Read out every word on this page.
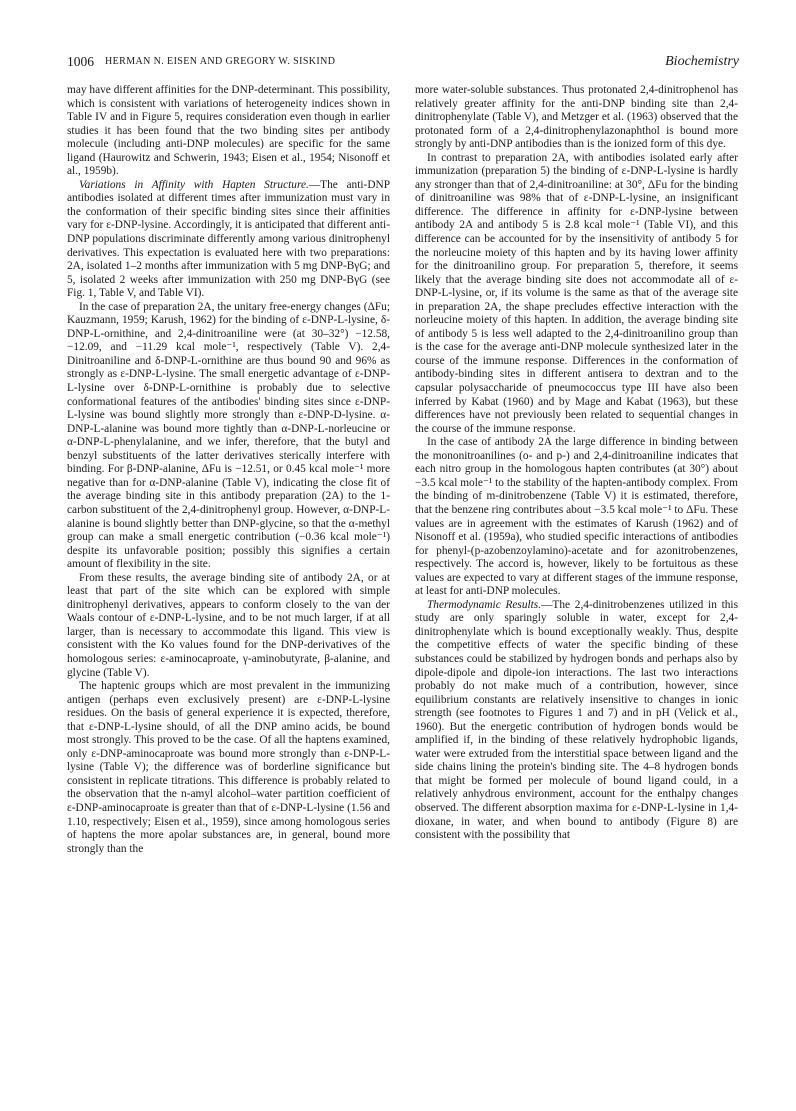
1006 HERMAN N. EISEN AND GREGORY W. SISKIND	Biochemistry

may have different affinities for the DNP-determinant. This possibility, which is consistent with variations of heterogeneity indices shown in Table IV and in Figure 5, requires consideration even though in earlier studies it has been found that the two binding sites per antibody molecule (including anti-DNP molecules) are specific for the same ligand (Haurowitz and Schwerin, 1943; Eisen et al., 1954; Nisonoff et al., 1959b).

Variations in Affinity with Hapten Structure.—The anti-DNP antibodies isolated at different times after immunization must vary in the conformation of their specific binding sites since their affinities vary for ε-DNP-lysine. Accordingly, it is anticipated that different anti-DNP populations discriminate differently among various dinitrophenyl derivatives. This expectation is evaluated here with two preparations: 2A, isolated 1–2 months after immunization with 5 mg DNP-BγG; and 5, isolated 2 weeks after immunization with 250 mg DNP-BγG (see Fig. 1, Table V, and Table VI).

In the case of preparation 2A, the unitary free-energy changes (ΔFu; Kauzmann, 1959; Karush, 1962) for the binding of ε-DNP-L-lysine, δ-DNP-L-ornithine, and 2,4-dinitroaniline were (at 30–32°) −12.58, −12.09, and −11.29 kcal mole⁻¹, respectively (Table V). 2,4-Dinitroaniline and δ-DNP-L-ornithine are thus bound 90 and 96% as strongly as ε-DNP-L-lysine. The small energetic advantage of ε-DNP-L-lysine over δ-DNP-L-ornithine is probably due to selective conformational features of the antibodies' binding sites since ε-DNP-L-lysine was bound slightly more strongly than ε-DNP-D-lysine. α-DNP-L-alanine was bound more tightly than α-DNP-L-norleucine or α-DNP-L-phenylalanine, and we infer, therefore, that the butyl and benzyl substituents of the latter derivatives sterically interfere with binding. For β-DNP-alanine, ΔFu is −12.51, or 0.45 kcal mole⁻¹ more negative than for α-DNP-alanine (Table V), indicating the close fit of the average binding site in this antibody preparation (2A) to the 1-carbon substituent of the 2,4-dinitrophenyl group. However, α-DNP-L-alanine is bound slightly better than DNP-glycine, so that the α-methyl group can make a small energetic contribution (−0.36 kcal mole⁻¹) despite its unfavorable position; possibly this signifies a certain amount of flexibility in the site.

From these results, the average binding site of antibody 2A, or at least that part of the site which can be explored with simple dinitrophenyl derivatives, appears to conform closely to the van der Waals contour of ε-DNP-L-lysine, and to be not much larger, if at all larger, than is necessary to accommodate this ligand. This view is consistent with the Ko values found for the DNP-derivatives of the homologous series: ε-aminocaproate, γ-aminobutyrate, β-alanine, and glycine (Table V).

The haptenic groups which are most prevalent in the immunizing antigen (perhaps even exclusively present) are ε-DNP-L-lysine residues. On the basis of general experience it is expected, therefore, that ε-DNP-L-lysine should, of all the DNP amino acids, be bound most strongly. This proved to be the case. Of all the haptens examined, only ε-DNP-aminocaproate was bound more strongly than ε-DNP-L-lysine (Table V); the difference was of borderline significance but consistent in replicate titrations. This difference is probably related to the observation that the n-amyl alcohol–water partition coefficient of ε-DNP-aminocaproate is greater than that of ε-DNP-L-lysine (1.56 and 1.10, respectively; Eisen et al., 1959), since among homologous series of haptens the more apolar substances are, in general, bound more strongly than the

more water-soluble substances. Thus protonated 2,4-dinitrophenol has relatively greater affinity for the anti-DNP binding site than 2,4-dinitrophenylate (Table V), and Metzger et al. (1963) observed that the protonated form of a 2,4-dinitrophenylazonaphthol is bound more strongly by anti-DNP antibodies than is the ionized form of this dye.

In contrast to preparation 2A, with antibodies isolated early after immunization (preparation 5) the binding of ε-DNP-L-lysine is hardly any stronger than that of 2,4-dinitroaniline: at 30°, ΔFu for the binding of dinitroaniline was 98% that of ε-DNP-L-lysine, an insignificant difference. The difference in affinity for ε-DNP-lysine between antibody 2A and antibody 5 is 2.8 kcal mole⁻¹ (Table VI), and this difference can be accounted for by the insensitivity of antibody 5 for the norleucine moiety of this hapten and by its having lower affinity for the dinitroanilino group. For preparation 5, therefore, it seems likely that the average binding site does not accommodate all of ε-DNP-L-lysine, or, if its volume is the same as that of the average site in preparation 2A, the shape precludes effective interaction with the norleucine moiety of this hapten. In addition, the average binding site of antibody 5 is less well adapted to the 2,4-dinitroanilino group than is the case for the average anti-DNP molecule synthesized later in the course of the immune response. Differences in the conformation of antibody-binding sites in different antisera to dextran and to the capsular polysaccharide of pneumococcus type III have also been inferred by Kabat (1960) and by Mage and Kabat (1963), but these differences have not previously been related to sequential changes in the course of the immune response.

In the case of antibody 2A the large difference in binding between the mononitroanilines (o- and p-) and 2,4-dinitroaniline indicates that each nitro group in the homologous hapten contributes (at 30°) about −3.5 kcal mole⁻¹ to the stability of the hapten-antibody complex. From the binding of m-dinitrobenzene (Table V) it is estimated, therefore, that the benzene ring contributes about −3.5 kcal mole⁻¹ to ΔFu. These values are in agreement with the estimates of Karush (1962) and of Nisonoff et al. (1959a), who studied specific interactions of antibodies for phenyl-(p-azobenzoylamino)-acetate and for azonitrobenzenes, respectively. The accord is, however, likely to be fortuitous as these values are expected to vary at different stages of the immune response, at least for anti-DNP molecules.

Thermodynamic Results.—The 2,4-dinitrobenzenes utilized in this study are only sparingly soluble in water, except for 2,4-dinitrophenylate which is bound exceptionally weakly. Thus, despite the competitive effects of water the specific binding of these substances could be stabilized by hydrogen bonds and perhaps also by dipole-dipole and dipole-ion interactions. The last two interactions probably do not make much of a contribution, however, since equilibrium constants are relatively insensitive to changes in ionic strength (see footnotes to Figures 1 and 7) and in pH (Velick et al., 1960). But the energetic contribution of hydrogen bonds would be amplified if, in the binding of these relatively hydrophobic ligands, water were extruded from the interstitial space between ligand and the side chains lining the protein's binding site. The 4–8 hydrogen bonds that might be formed per molecule of bound ligand could, in a relatively anhydrous environment, account for the enthalpy changes observed. The different absorption maxima for ε-DNP-L-lysine in 1,4-dioxane, in water, and when bound to antibody (Figure 8) are consistent with the possibility that
